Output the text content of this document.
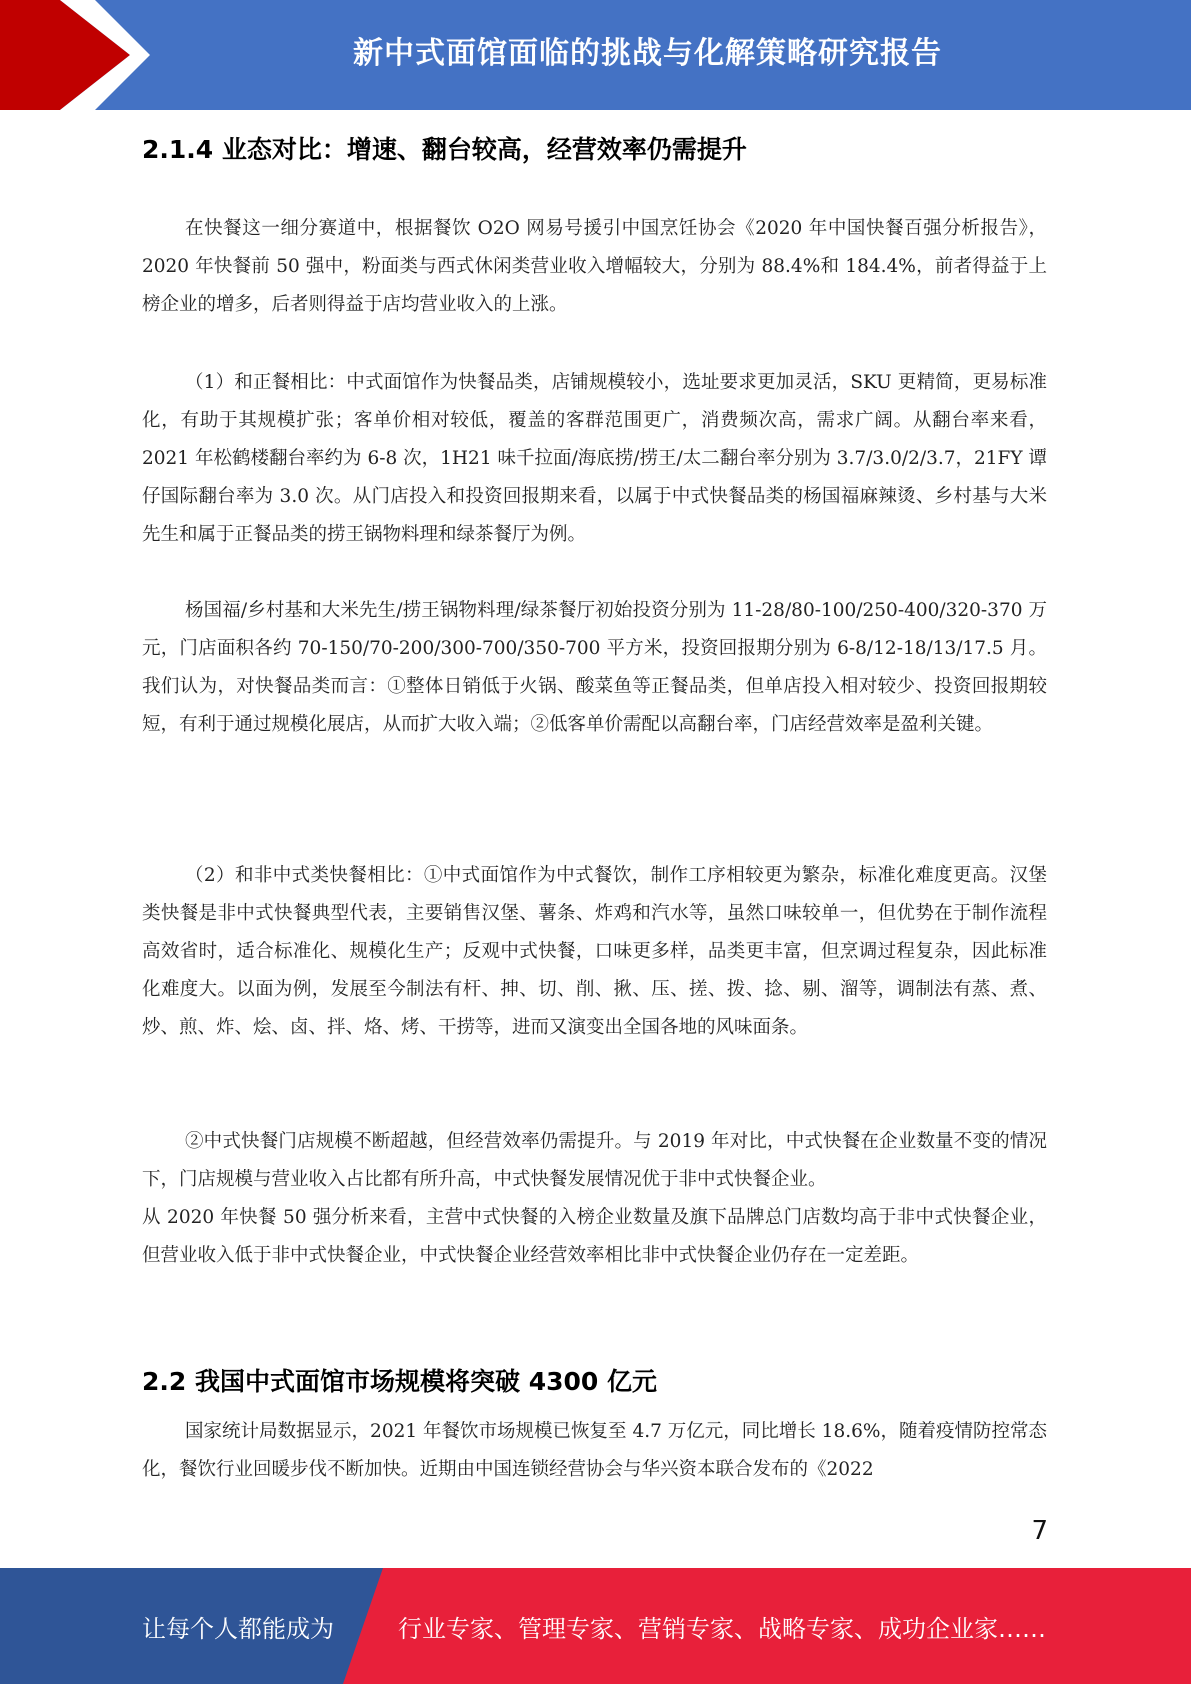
新中式面馆面临的挑战与化解策略研究报告
2.1.4 业态对比：增速、翻台较高，经营效率仍需提升

在快餐这一细分赛道中，根据餐饮 O2O 网易号援引中国烹饪协会《2020 年中国快餐百强分析报告》，2020 年快餐前 50 强中，粉面类与西式休闲类营业收入增幅较大，分别为 88.4%和 184.4%，前者得益于上榜企业的增多，后者则得益于店均营业收入的上涨。

（1）和正餐相比：中式面馆作为快餐品类，店铺规模较小，选址要求更加灵活，SKU 更精简，更易标准化，有助于其规模扩张；客单价相对较低，覆盖的客群范围更广，消费频次高，需求广阔。从翻台率来看，2021 年松鹤楼翻台率约为 6-8 次，1H21 味千拉面/海底捞/捞王/太二翻台率分别为 3.7/3.0/2/3.7，21FY 谭仔国际翻台率为 3.0 次。从门店投入和投资回报期来看，以属于中式快餐品类的杨国福麻辣烫、乡村基与大米先生和属于正餐品类的捞王锅物料理和绿茶餐厅为例。

杨国福/乡村基和大米先生/捞王锅物料理/绿茶餐厅初始投资分别为 11-28/80-100/250-400/320-370 万元，门店面积各约 70-150/70-200/300-700/350-700 平方米，投资回报期分别为 6-8/12-18/13/17.5 月。我们认为，对快餐品类而言：①整体日销低于火锅、酸菜鱼等正餐品类，但单店投入相对较少、投资回报期较短，有利于通过规模化展店，从而扩大收入端；②低客单价需配以高翻台率，门店经营效率是盈利关键。

（2）和非中式类快餐相比：①中式面馆作为中式餐饮，制作工序相较更为繁杂，标准化难度更高。汉堡类快餐是非中式快餐典型代表，主要销售汉堡、薯条、炸鸡和汽水等，虽然口味较单一，但优势在于制作流程高效省时，适合标准化、规模化生产；反观中式快餐，口味更多样，品类更丰富，但烹调过程复杂，因此标准化难度大。以面为例，发展至今制法有杆、抻、切、削、揪、压、搓、拨、捻、剔、溜等，调制法有蒸、煮、炒、煎、炸、烩、卤、拌、烙、烤、干捞等，进而又演变出全国各地的风味面条。

②中式快餐门店规模不断超越，但经营效率仍需提升。与 2019 年对比，中式快餐在企业数量不变的情况下，门店规模与营业收入占比都有所升高，中式快餐发展情况优于非中式快餐企业。

从 2020 年快餐 50 强分析来看，主营中式快餐的入榜企业数量及旗下品牌总门店数均高于非中式快餐企业，但营业收入低于非中式快餐企业，中式快餐企业经营效率相比非中式快餐企业仍存在一定差距。

2.2 我国中式面馆市场规模将突破 4300 亿元

国家统计局数据显示，2021 年餐饮市场规模已恢复至 4.7 万亿元，同比增长 18.6%，随着疫情防控常态化，餐饮行业回暖步伐不断加快。近期由中国连锁经营协会与华兴资本联合发布的《2022

7
让每个人都能成为	行业专家、管理专家、营销专家、战略专家、成功企业家……
